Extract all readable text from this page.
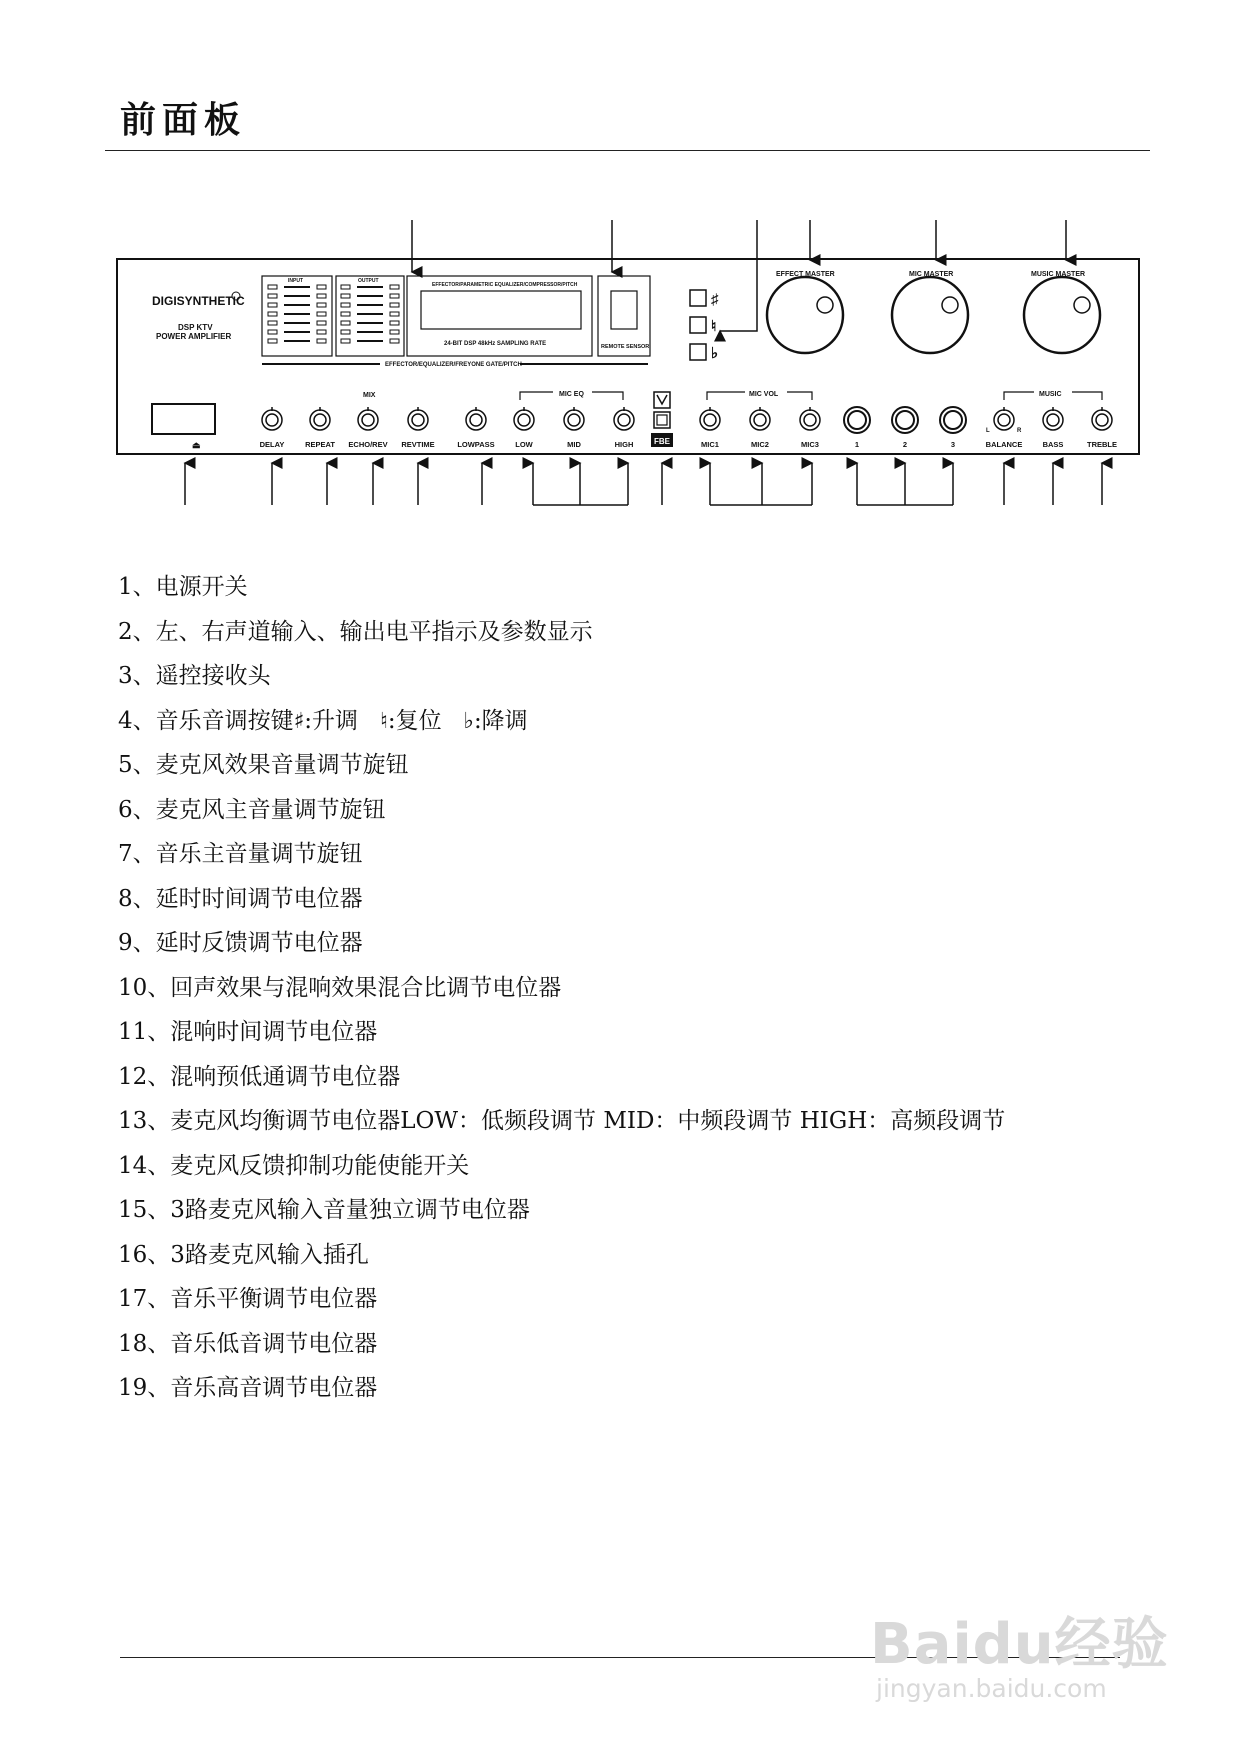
前面板
DIGISYNTHETIC
DSP KTV
POWER AMPLIFIER
INPUT	OUTPUT
EFFECTOR/PARAMETRIC EQUALIZER/COMPRESSOR/PITCH
24-BIT DSP 48kHz SAMPLING RATE	REMOTE SENSOR
EFFECTOR/EQUALIZER/FREYONE GATE/PITCH
♯
♮
♭
EFFECT MASTER	MIC MASTER	MUSIC MASTER
⏏
MIX	MIC EQ	MIC VOL	MUSIC
FBE
L	R
DELAY	REPEAT ECHO/REV REVTIME	LOWPASS	LOW	MID	HIGH	MIC1	MIC2	MIC3	1	2	3	BALANCE	BASS	TREBLE
1、电源开关
2、左、右声道输入、输出电平指示及参数显示
3、遥控接收头
4、音乐音调按键♯:升调 ♮:复位 ♭:降调
5、麦克风效果音量调节旋钮
6、麦克风主音量调节旋钮
7、音乐主音量调节旋钮
8、延时时间调节电位器
9、延时反馈调节电位器
10、回声效果与混响效果混合比调节电位器
11、混响时间调节电位器
12、混响预低通调节电位器
13、麦克风均衡调节电位器LOW：低频段调节 MID：中频段调节 HIGH：高频段调节
14、麦克风反馈抑制功能使能开关
15、3路麦克风输入音量独立调节电位器
16、3路麦克风输入插孔
17、音乐平衡调节电位器
18、音乐低音调节电位器
19、音乐高音调节电位器
Baidu经验
jingyan.baidu.com
